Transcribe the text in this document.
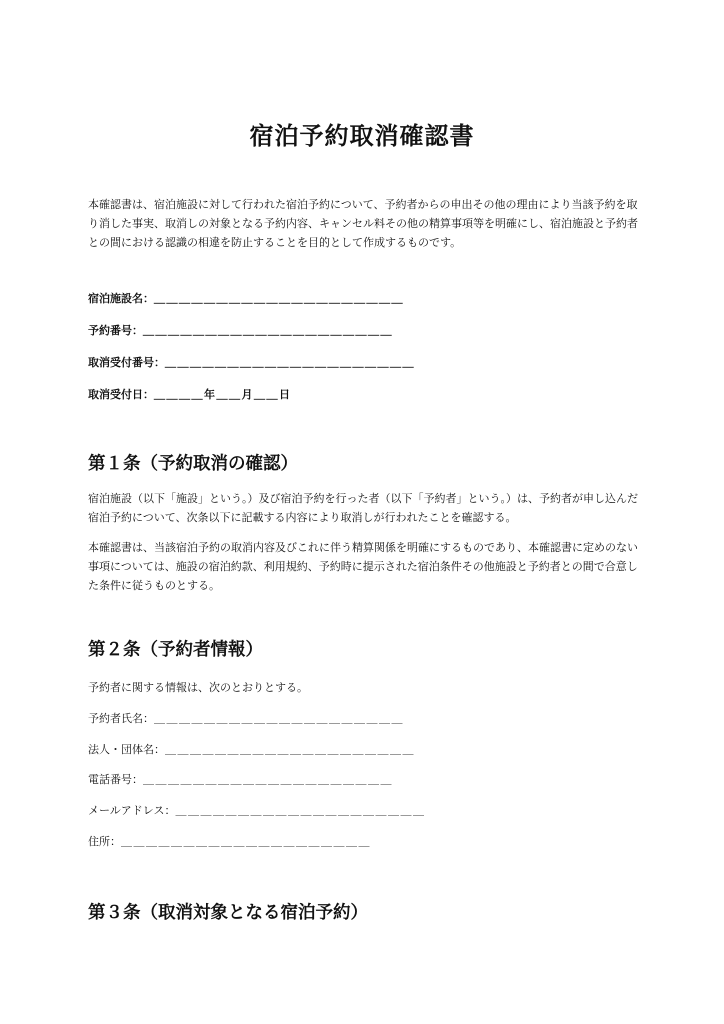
宿泊予約取消確認書

本確認書は、宿泊施設に対して行われた宿泊予約について、予約者からの申出その他の理由により当該予約を取り消した事実、取消しの対象となる予約内容、キャンセル料その他の精算事項等を明確にし、宿泊施設と予約者との間における認識の相違を防止することを目的として作成するものです。

宿泊施設名：＿＿＿＿＿＿＿＿＿＿＿＿＿＿＿＿＿＿＿＿
予約番号：＿＿＿＿＿＿＿＿＿＿＿＿＿＿＿＿＿＿＿＿
取消受付番号：＿＿＿＿＿＿＿＿＿＿＿＿＿＿＿＿＿＿＿＿
取消受付日：＿＿＿＿年＿＿月＿＿日
第１条（予約取消の確認）

宿泊施設（以下「施設」という。）及び宿泊予約を行った者（以下「予約者」という。）は、予約者が申し込んだ宿泊予約について、次条以下に記載する内容により取消しが行われたことを確認する。

本確認書は、当該宿泊予約の取消内容及びこれに伴う精算関係を明確にするものであり、本確認書に定めのない事項については、施設の宿泊約款、利用規約、予約時に提示された宿泊条件その他施設と予約者との間で合意した条件に従うものとする。

第２条（予約者情報）
予約者に関する情報は、次のとおりとする。
予約者氏名：＿＿＿＿＿＿＿＿＿＿＿＿＿＿＿＿＿＿＿＿
法人・団体名：＿＿＿＿＿＿＿＿＿＿＿＿＿＿＿＿＿＿＿＿
電話番号：＿＿＿＿＿＿＿＿＿＿＿＿＿＿＿＿＿＿＿＿
メールアドレス：＿＿＿＿＿＿＿＿＿＿＿＿＿＿＿＿＿＿＿＿
住所：＿＿＿＿＿＿＿＿＿＿＿＿＿＿＿＿＿＿＿＿
第３条（取消対象となる宿泊予約）
